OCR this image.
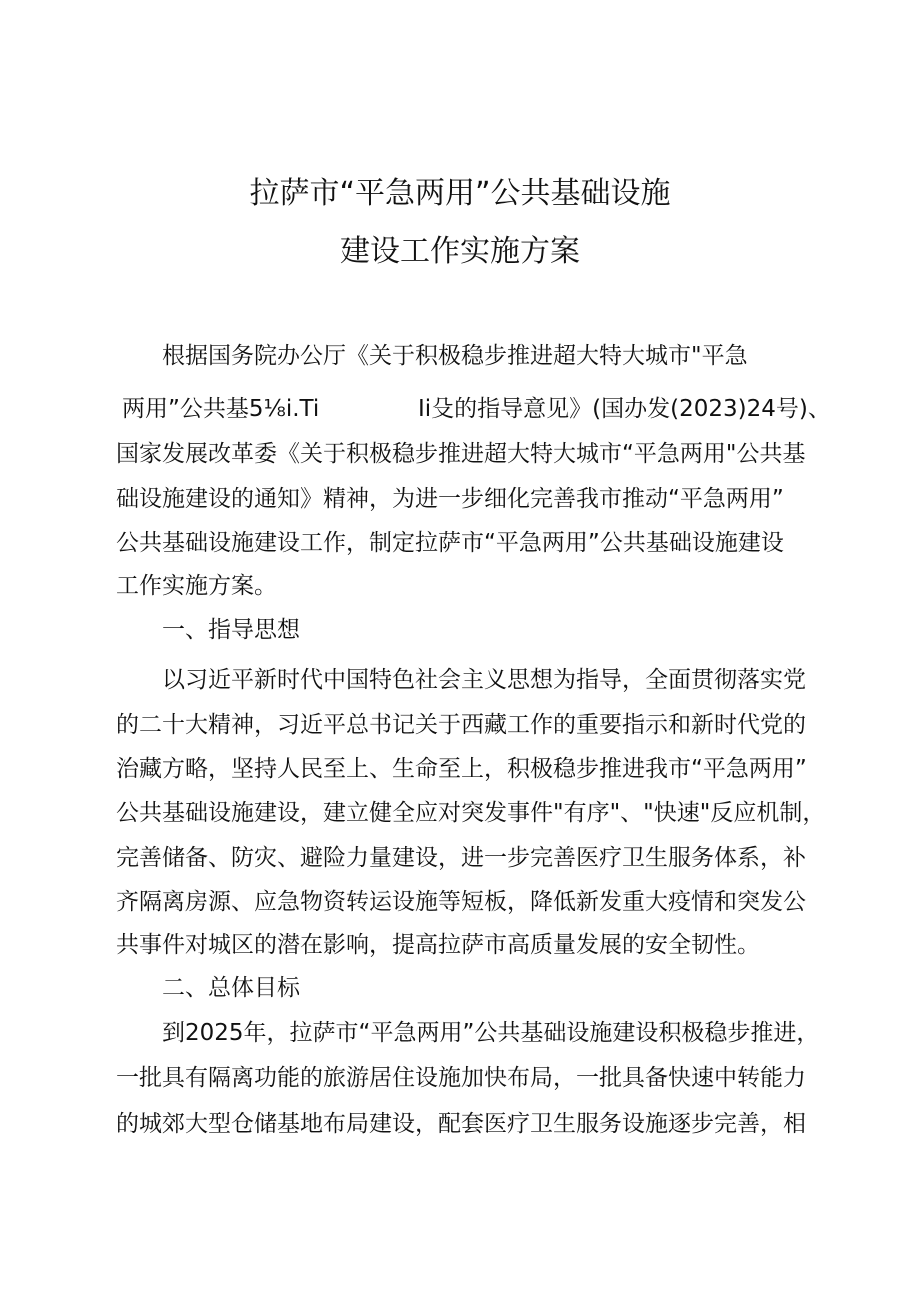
拉萨市“平急两用”公共基础设施
建设工作实施方案
根据国务院办公厅《关于积极稳步推进超大特大城市"平急
两用”公共基5⅛i.Ti	Ii殳的指导意见》(国办发(2023)24号)、
国家发展改革委《关于积极稳步推进超大特大城市“平急两用"公共基
础设施建设的通知》精神，为进一步细化完善我市推动“平急两用”
公共基础设施建设工作，制定拉萨市“平急两用”公共基础设施建设
工作实施方案。
一、指导思想
以习近平新时代中国特色社会主义思想为指导，全面贯彻落实党
的二十大精神，习近平总书记关于西藏工作的重要指示和新时代党的
治藏方略，坚持人民至上、生命至上，积极稳步推进我市“平急两用”
公共基础设施建设，建立健全应对突发事件"有序"、"快速"反应机制，
完善储备、防灾、避险力量建设，进一步完善医疗卫生服务体系，补
齐隔离房源、应急物资转运设施等短板，降低新发重大疫情和突发公
共事件对城区的潜在影响，提高拉萨市高质量发展的安全韧性。
二、总体目标
到2025年，拉萨市“平急两用”公共基础设施建设积极稳步推进，
一批具有隔离功能的旅游居住设施加快布局，一批具备快速中转能力
的城郊大型仓储基地布局建设，配套医疗卫生服务设施逐步完善，相
